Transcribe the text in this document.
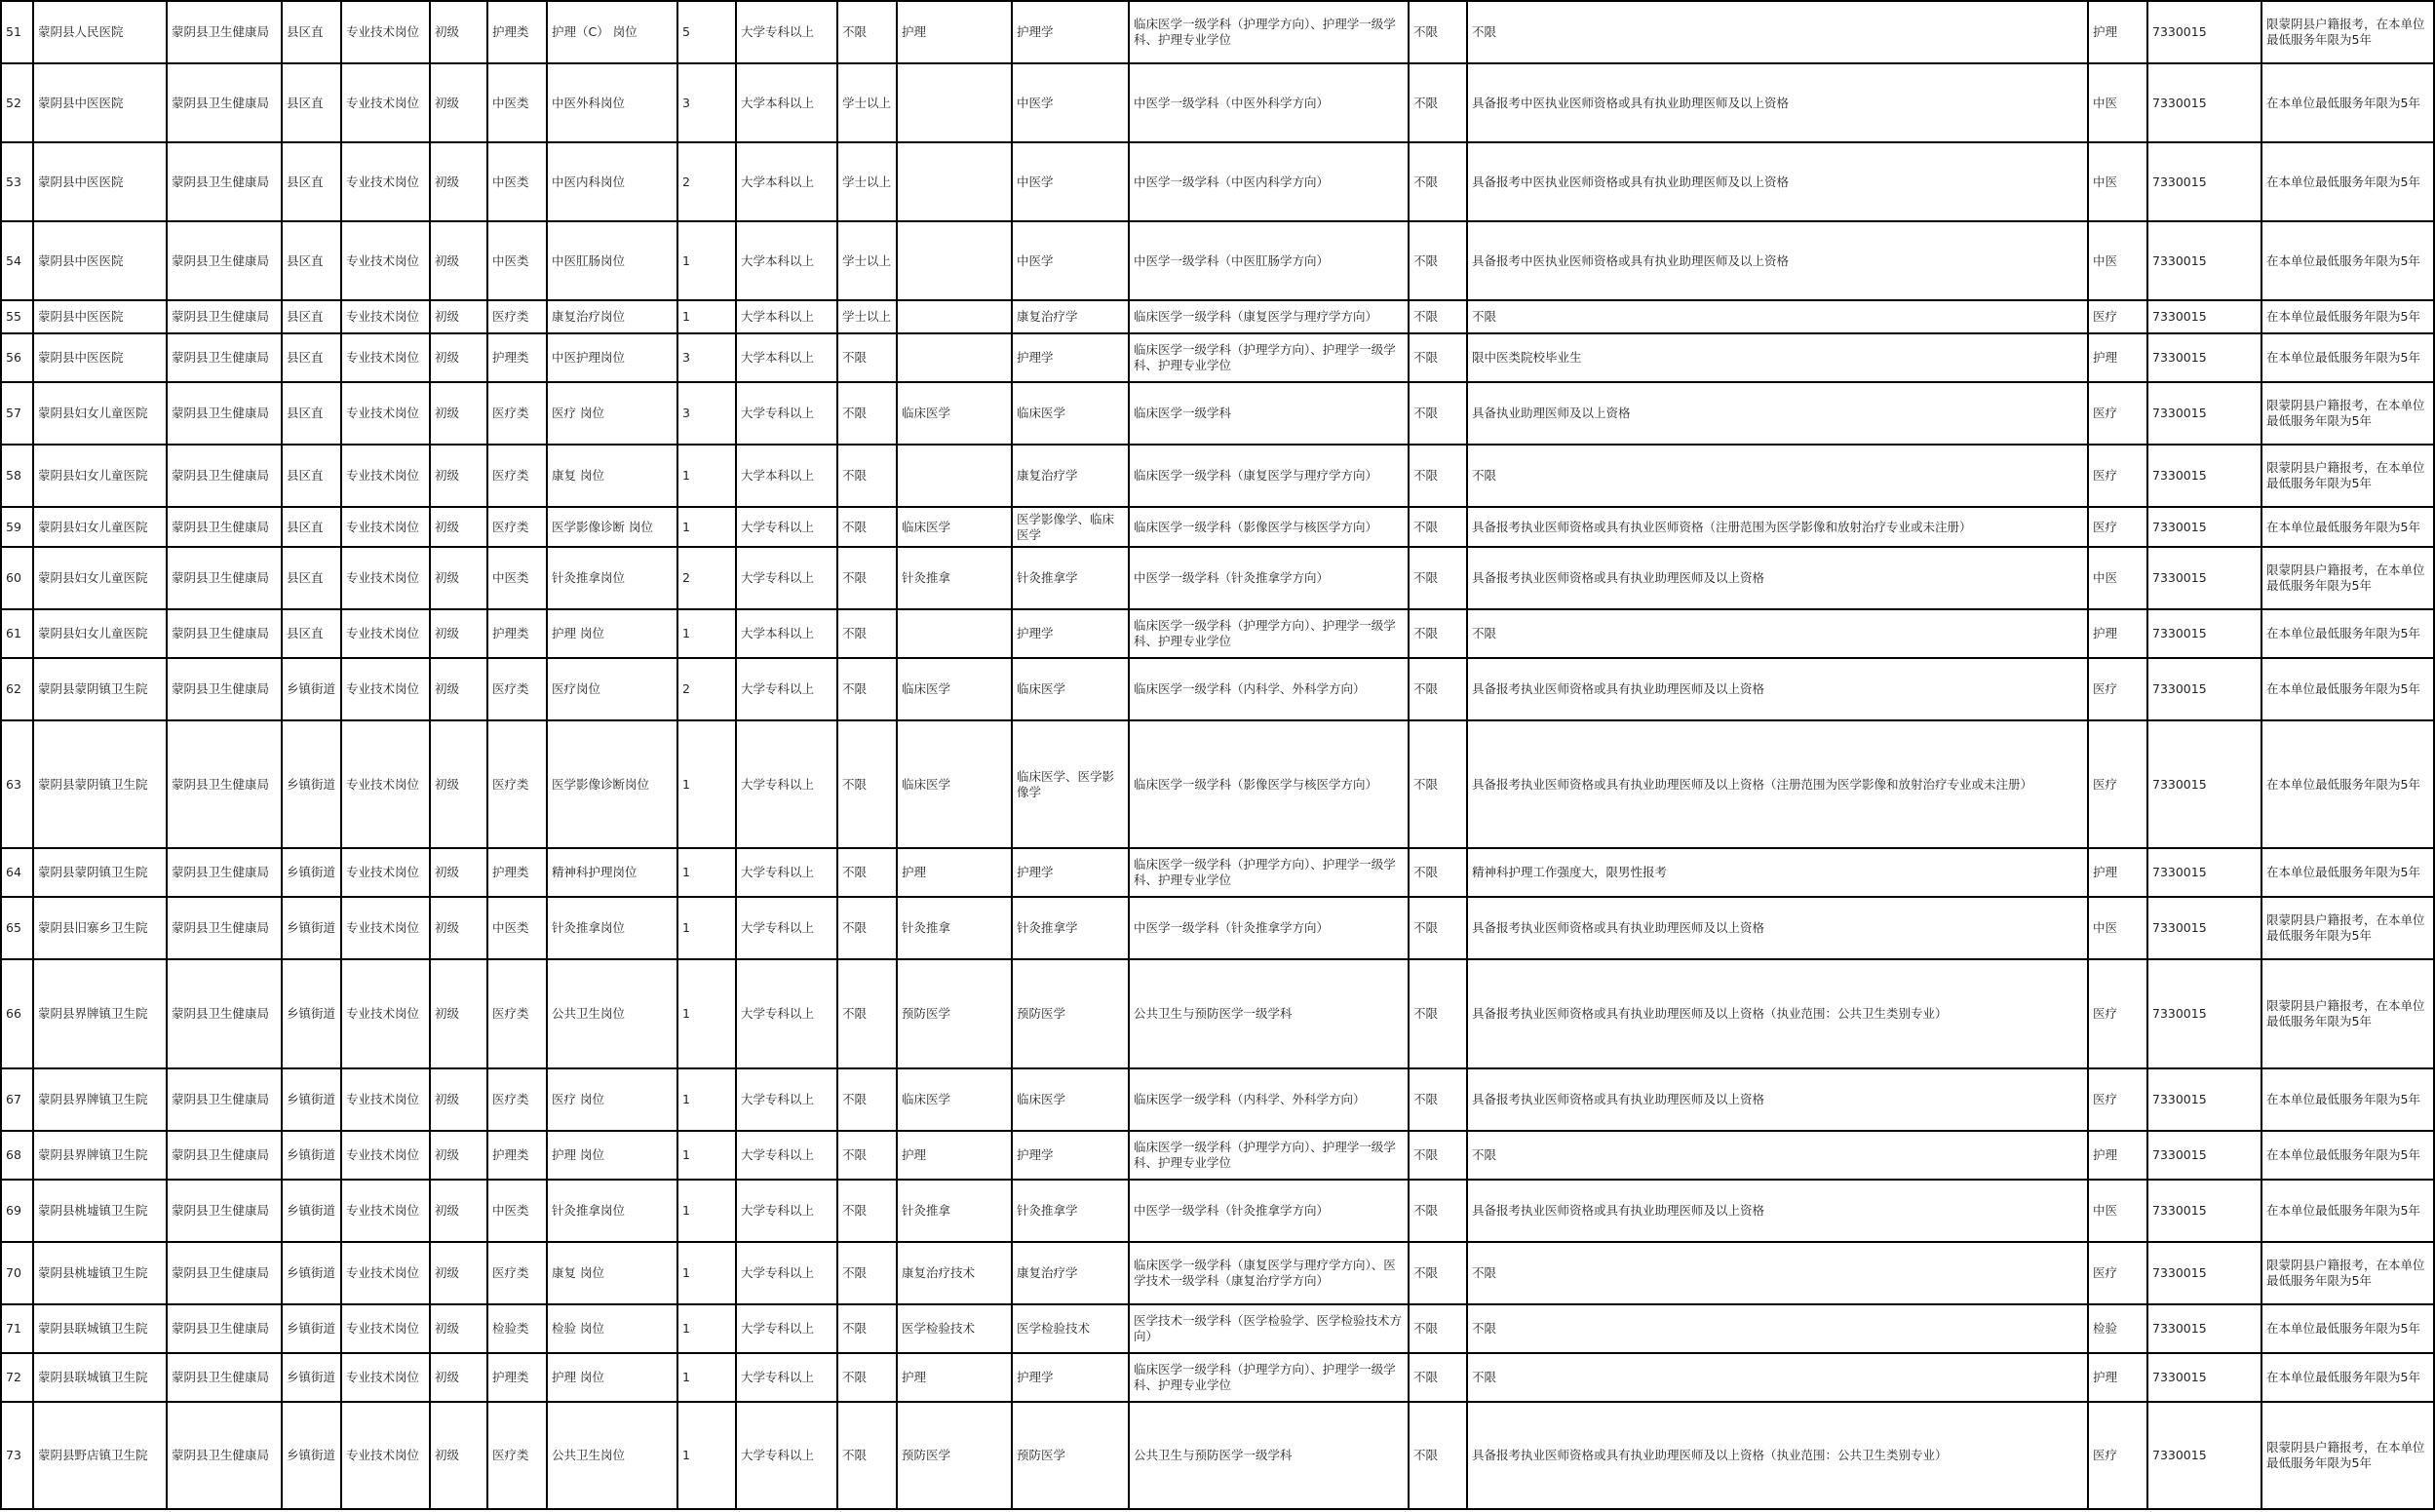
51	蒙阴县人民医院	蒙阴县卫生健康局	县区直	专业技术岗位	初级	护理类	护理（C） 岗位	5	大学专科以上	不限	护理	护理学	临床医学一级学科（护理学方向）、护理学一级学科、护理专业学位	不限	不限	护理	7330015	限蒙阴县户籍报考，在本单位最低服务年限为5年
52	蒙阴县中医医院	蒙阴县卫生健康局	县区直	专业技术岗位	初级	中医类	中医外科岗位	3	大学本科以上	学士以上		中医学	中医学一级学科（中医外科学方向）	不限	具备报考中医执业医师资格或具有执业助理医师及以上资格	中医	7330015	在本单位最低服务年限为5年
53	蒙阴县中医医院	蒙阴县卫生健康局	县区直	专业技术岗位	初级	中医类	中医内科岗位	2	大学本科以上	学士以上		中医学	中医学一级学科（中医内科学方向）	不限	具备报考中医执业医师资格或具有执业助理医师及以上资格	中医	7330015	在本单位最低服务年限为5年
54	蒙阴县中医医院	蒙阴县卫生健康局	县区直	专业技术岗位	初级	中医类	中医肛肠岗位	1	大学本科以上	学士以上		中医学	中医学一级学科（中医肛肠学方向）	不限	具备报考中医执业医师资格或具有执业助理医师及以上资格	中医	7330015	在本单位最低服务年限为5年
55	蒙阴县中医医院	蒙阴县卫生健康局	县区直	专业技术岗位	初级	医疗类	康复治疗岗位	1	大学本科以上	学士以上		康复治疗学	临床医学一级学科（康复医学与理疗学方向）	不限	不限	医疗	7330015	在本单位最低服务年限为5年
56	蒙阴县中医医院	蒙阴县卫生健康局	县区直	专业技术岗位	初级	护理类	中医护理岗位	3	大学本科以上	不限		护理学	临床医学一级学科（护理学方向）、护理学一级学科、护理专业学位	不限	限中医类院校毕业生	护理	7330015	在本单位最低服务年限为5年
57	蒙阴县妇女儿童医院	蒙阴县卫生健康局	县区直	专业技术岗位	初级	医疗类	医疗 岗位	3	大学专科以上	不限	临床医学	临床医学	临床医学一级学科	不限	具备执业助理医师及以上资格	医疗	7330015	限蒙阴县户籍报考，在本单位最低服务年限为5年
58	蒙阴县妇女儿童医院	蒙阴县卫生健康局	县区直	专业技术岗位	初级	医疗类	康复 岗位	1	大学本科以上	不限		康复治疗学	临床医学一级学科（康复医学与理疗学方向）	不限	不限	医疗	7330015	限蒙阴县户籍报考，在本单位最低服务年限为5年
59	蒙阴县妇女儿童医院	蒙阴县卫生健康局	县区直	专业技术岗位	初级	医疗类	医学影像诊断 岗位	1	大学专科以上	不限	临床医学	医学影像学、临床医学	临床医学一级学科（影像医学与核医学方向）	不限	具备报考执业医师资格或具有执业医师资格（注册范围为医学影像和放射治疗专业或未注册）	医疗	7330015	在本单位最低服务年限为5年
60	蒙阴县妇女儿童医院	蒙阴县卫生健康局	县区直	专业技术岗位	初级	中医类	针灸推拿岗位	2	大学专科以上	不限	针灸推拿	针灸推拿学	中医学一级学科（针灸推拿学方向）	不限	具备报考执业医师资格或具有执业助理医师及以上资格	中医	7330015	限蒙阴县户籍报考，在本单位最低服务年限为5年
61	蒙阴县妇女儿童医院	蒙阴县卫生健康局	县区直	专业技术岗位	初级	护理类	护理 岗位	1	大学本科以上	不限		护理学	临床医学一级学科（护理学方向）、护理学一级学科、护理专业学位	不限	不限	护理	7330015	在本单位最低服务年限为5年
62	蒙阴县蒙阴镇卫生院	蒙阴县卫生健康局	乡镇街道	专业技术岗位	初级	医疗类	医疗岗位	2	大学专科以上	不限	临床医学	临床医学	临床医学一级学科（内科学、外科学方向）	不限	具备报考执业医师资格或具有执业助理医师及以上资格	医疗	7330015	在本单位最低服务年限为5年
63	蒙阴县蒙阴镇卫生院	蒙阴县卫生健康局	乡镇街道	专业技术岗位	初级	医疗类	医学影像诊断岗位	1	大学专科以上	不限	临床医学	临床医学、医学影像学	临床医学一级学科（影像医学与核医学方向）	不限	具备报考执业医师资格或具有执业助理医师及以上资格（注册范围为医学影像和放射治疗专业或未注册）	医疗	7330015	在本单位最低服务年限为5年
64	蒙阴县蒙阴镇卫生院	蒙阴县卫生健康局	乡镇街道	专业技术岗位	初级	护理类	精神科护理岗位	1	大学专科以上	不限	护理	护理学	临床医学一级学科（护理学方向）、护理学一级学科、护理专业学位	不限	精神科护理工作强度大，限男性报考	护理	7330015	在本单位最低服务年限为5年
65	蒙阴县旧寨乡卫生院	蒙阴县卫生健康局	乡镇街道	专业技术岗位	初级	中医类	针灸推拿岗位	1	大学专科以上	不限	针灸推拿	针灸推拿学	中医学一级学科（针灸推拿学方向）	不限	具备报考执业医师资格或具有执业助理医师及以上资格	中医	7330015	限蒙阴县户籍报考，在本单位最低服务年限为5年
66	蒙阴县界牌镇卫生院	蒙阴县卫生健康局	乡镇街道	专业技术岗位	初级	医疗类	公共卫生岗位	1	大学专科以上	不限	预防医学	预防医学	公共卫生与预防医学一级学科	不限	具备报考执业医师资格或具有执业助理医师及以上资格（执业范围：公共卫生类别专业）	医疗	7330015	限蒙阴县户籍报考，在本单位最低服务年限为5年
67	蒙阴县界牌镇卫生院	蒙阴县卫生健康局	乡镇街道	专业技术岗位	初级	医疗类	医疗 岗位	1	大学专科以上	不限	临床医学	临床医学	临床医学一级学科（内科学、外科学方向）	不限	具备报考执业医师资格或具有执业助理医师及以上资格	医疗	7330015	在本单位最低服务年限为5年
68	蒙阴县界牌镇卫生院	蒙阴县卫生健康局	乡镇街道	专业技术岗位	初级	护理类	护理 岗位	1	大学专科以上	不限	护理	护理学	临床医学一级学科（护理学方向）、护理学一级学科、护理专业学位	不限	不限	护理	7330015	在本单位最低服务年限为5年
69	蒙阴县桃墟镇卫生院	蒙阴县卫生健康局	乡镇街道	专业技术岗位	初级	中医类	针灸推拿岗位	1	大学专科以上	不限	针灸推拿	针灸推拿学	中医学一级学科（针灸推拿学方向）	不限	具备报考执业医师资格或具有执业助理医师及以上资格	中医	7330015	在本单位最低服务年限为5年
70	蒙阴县桃墟镇卫生院	蒙阴县卫生健康局	乡镇街道	专业技术岗位	初级	医疗类	康复 岗位	1	大学专科以上	不限	康复治疗技术	康复治疗学	临床医学一级学科（康复医学与理疗学方向）、医学技术一级学科（康复治疗学方向）	不限	不限	医疗	7330015	限蒙阴县户籍报考，在本单位最低服务年限为5年
71	蒙阴县联城镇卫生院	蒙阴县卫生健康局	乡镇街道	专业技术岗位	初级	检验类	检验 岗位	1	大学专科以上	不限	医学检验技术	医学检验技术	医学技术一级学科（医学检验学、医学检验技术方向）	不限	不限	检验	7330015	在本单位最低服务年限为5年
72	蒙阴县联城镇卫生院	蒙阴县卫生健康局	乡镇街道	专业技术岗位	初级	护理类	护理 岗位	1	大学专科以上	不限	护理	护理学	临床医学一级学科（护理学方向）、护理学一级学科、护理专业学位	不限	不限	护理	7330015	在本单位最低服务年限为5年
73	蒙阴县野店镇卫生院	蒙阴县卫生健康局	乡镇街道	专业技术岗位	初级	医疗类	公共卫生岗位	1	大学专科以上	不限	预防医学	预防医学	公共卫生与预防医学一级学科	不限	具备报考执业医师资格或具有执业助理医师及以上资格（执业范围：公共卫生类别专业）	医疗	7330015	限蒙阴县户籍报考，在本单位最低服务年限为5年
